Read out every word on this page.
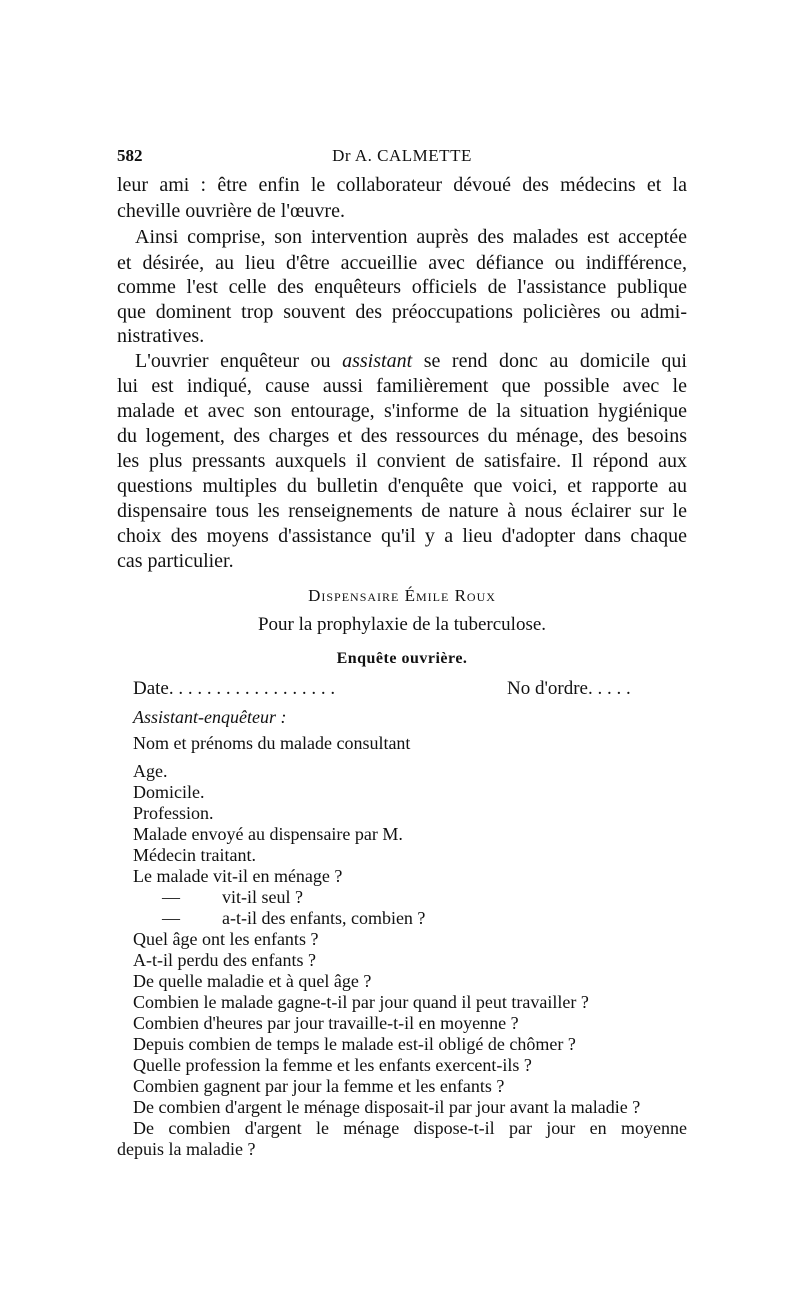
582	Dr A. CALMETTE
leur ami : être enfin le collaborateur dévoué des médecins et la
cheville ouvrière de l'œuvre.
Ainsi comprise, son intervention auprès des malades est acceptée
et désirée, au lieu d'être accueillie avec défiance ou indifférence,
comme l'est celle des enquêteurs officiels de l'assistance publique
que dominent trop souvent des préoccupations policières ou admi-
nistratives.
L'ouvrier enquêteur ou assistant se rend donc au domicile qui
lui est indiqué, cause aussi familièrement que possible avec le
malade et avec son entourage, s'informe de la situation hygiénique
du logement, des charges et des ressources du ménage, des besoins
les plus pressants auxquels il convient de satisfaire. Il répond aux
questions multiples du bulletin d'enquête que voici, et rapporte au
dispensaire tous les renseignements de nature à nous éclairer sur le
choix des moyens d'assistance qu'il y a lieu d'adopter dans chaque
cas particulier.
Dispensaire Émile Roux
Pour la prophylaxie de la tuberculose.
Enquête ouvrière.
Date. . . . . . . . . . . . . . . . . .	No d'ordre. . . . .
Assistant-enquêteur :
Nom et prénoms du malade consultant
Age.
Domicile.
Profession.
Malade envoyé au dispensaire par M.
Médecin traitant.
Le malade vit-il en ménage ?
— vit-il seul ?
— a-t-il des enfants, combien ?
Quel âge ont les enfants ?
A-t-il perdu des enfants ?
De quelle maladie et à quel âge ?
Combien le malade gagne-t-il par jour quand il peut travailler ?
Combien d'heures par jour travaille-t-il en moyenne ?
Depuis combien de temps le malade est-il obligé de chômer ?
Quelle profession la femme et les enfants exercent-ils ?
Combien gagnent par jour la femme et les enfants ?
De combien d'argent le ménage disposait-il par jour avant la maladie ?
De combien d'argent le ménage dispose-t-il par jour en moyenne
depuis la maladie ?
